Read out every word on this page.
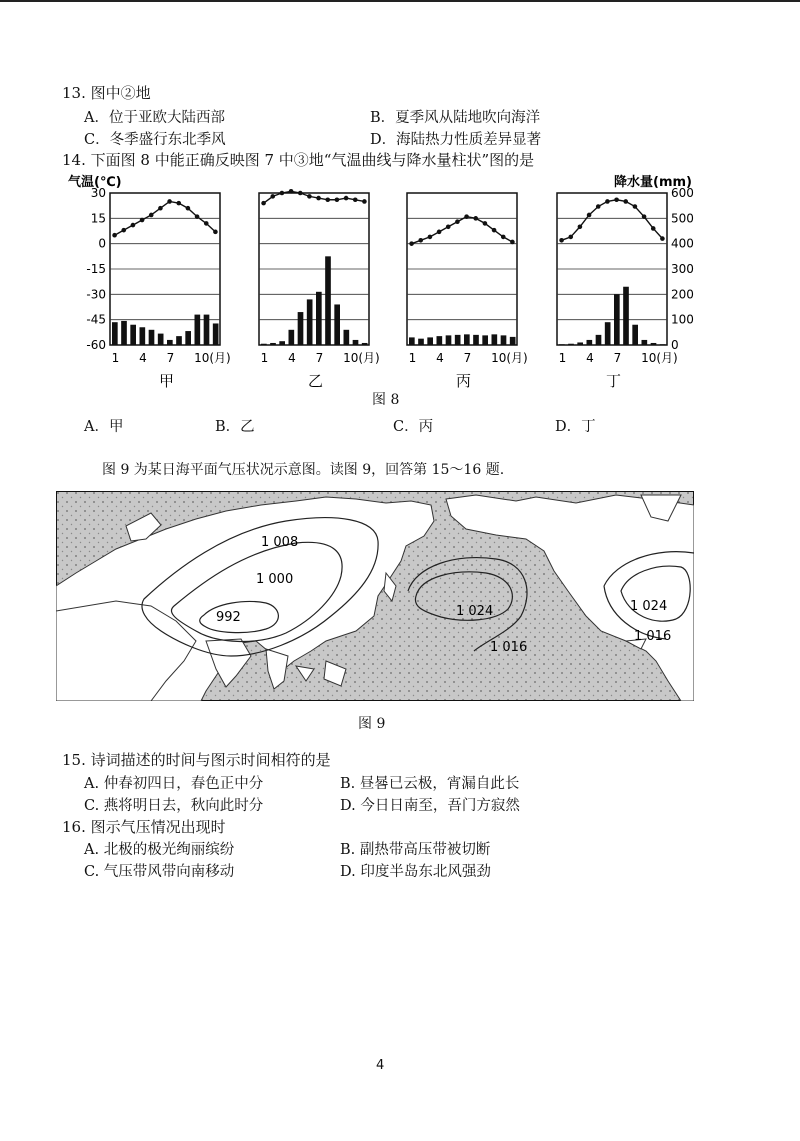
13. 图中②地
A．位于亚欧大陆西部	B．夏季风从陆地吹向海洋
C．冬季盛行东北季风	D．海陆热力性质差异显著
14. 下面图 8 中能正确反映图 7 中③地“气温曲线与降水量柱状”图的是
气温(℃)	降水量(mm)
30
15
0
-15
-30
-45
-60
600
500
400
300
200
100
0
1 4 7 10(月)
甲
1 4 7 10(月)
乙
1 4 7 10(月)
丙
1 4 7 10(月)
丁
图 8
A．甲	B．乙	C．丙	D．丁
图 9 为某日海平面气压状况示意图。读图 9，回答第 15～16 题.
1 008
1 000
992	1 024
1 016
1 024
1 016
图 9
15. 诗词描述的时间与图示时间相符的是
A. 仲春初四日，春色正中分	B. 昼晷已云极，宵漏自此长
C. 燕将明日去，秋向此时分	D. 今日日南至，吾门方寂然
16. 图示气压情况出现时
A. 北极的极光绚丽缤纷	B. 副热带高压带被切断
C. 气压带风带向南移动	D. 印度半岛东北风强劲
4
